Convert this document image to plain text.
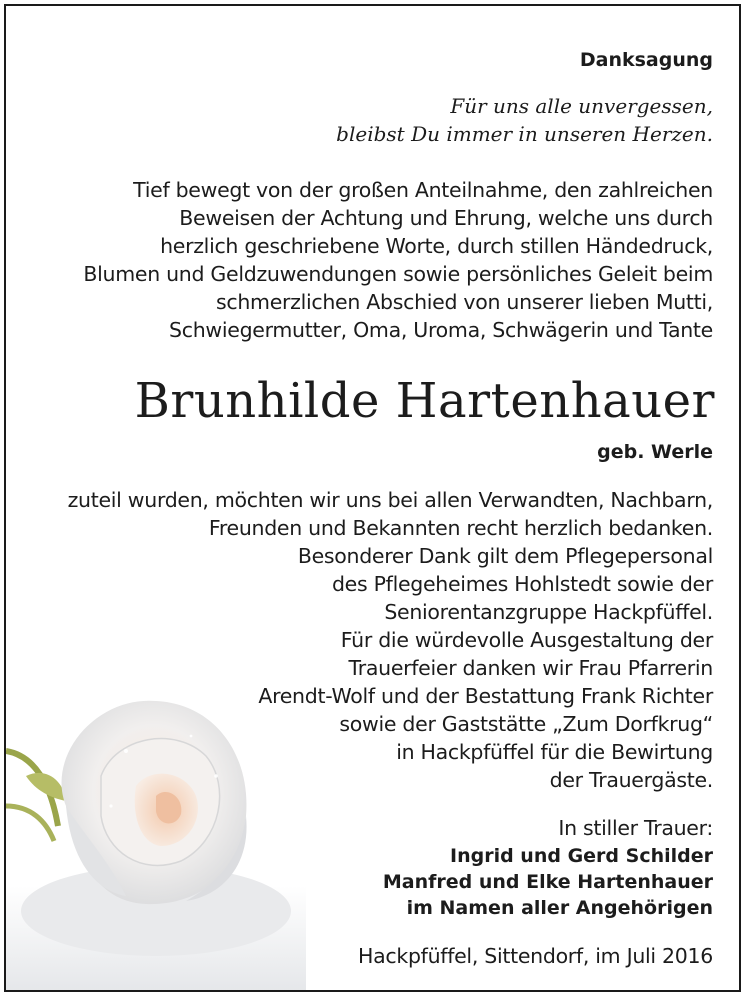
Danksagung
Für uns alle unvergessen,
bleibst Du immer in unseren Herzen.
Tief bewegt von der großen Anteilnahme, den zahlreichen
Beweisen der Achtung und Ehrung, welche uns durch
herzlich geschriebene Worte, durch stillen Händedruck,
Blumen und Geldzuwendungen sowie persönliches Geleit beim
schmerzlichen Abschied von unserer lieben Mutti,
Schwiegermutter, Oma, Uroma, Schwägerin und Tante
Brunhilde Hartenhauer
geb. Werle
zuteil wurden, möchten wir uns bei allen Verwandten, Nachbarn,
Freunden und Bekannten recht herzlich bedanken.
Besonderer Dank gilt dem Pflegepersonal
des Pflegeheimes Hohlstedt sowie der
Seniorentanzgruppe Hackpfüffel.
Für die würdevolle Ausgestaltung der
Trauerfeier danken wir Frau Pfarrerin
Arendt-Wolf und der Bestattung Frank Richter
sowie der Gaststätte „Zum Dorfkrug“
in Hackpfüffel für die Bewirtung
der Trauergäste.
In stiller Trauer:
Ingrid und Gerd Schilder
Manfred und Elke Hartenhauer
im Namen aller Angehörigen
Hackpfüffel, Sittendorf, im Juli 2016
